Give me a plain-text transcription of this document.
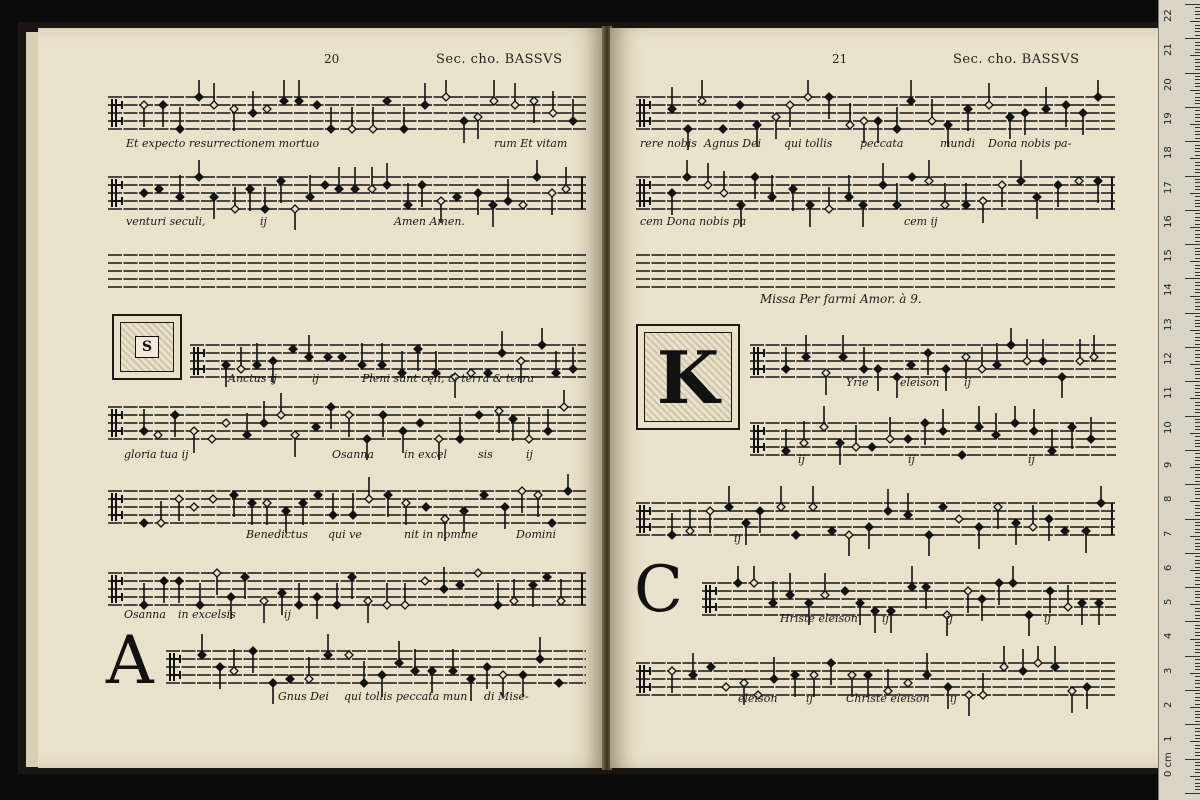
20	Sec. cho. BASSVS
S
A
Et expecto resurrectionem mortuo	rum Et vitam
venturi seculi,	ij	Amen Amen.
Anctus ij	ij	Pleni sunt cęli, & terra & terra
gloria tua ij	Osanna	in excel	sis	ij
Benedictus qui ve	nit in nomine	Domini
Osanna in excelsis	ij
Gnus Dei qui tollis peccata mun di Mise-
21	Sec. cho. BASSVS
Missa Per farmi Amor. à 9.
K
C
rere nobis Agnus Dei qui tollis	peccata	mundi Dona nobis pa-
cem Dona nobis pa	cem ij
Yrie	eleison ij
ij	ij	ij
ij
Hriste eleison ij	ij	ij
eleison	ij	Christe eleison ij
22
21
20
19
18
17
16
15
14
13
12
11
10
9
8
7
6
5
4
3
2
1
0 cm
